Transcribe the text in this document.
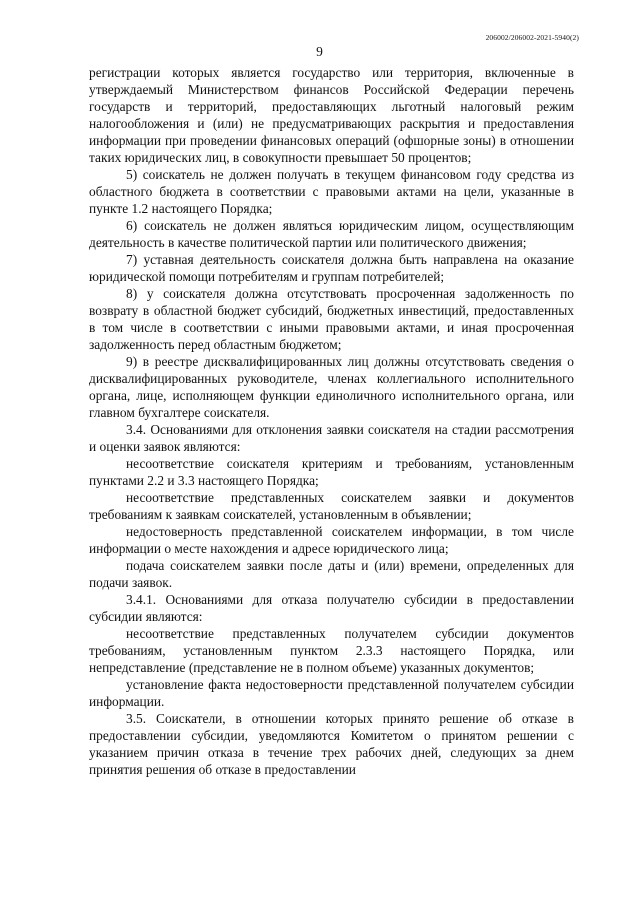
206002/206002-2021-5940(2)
9

регистрации которых является государство или территория, включенные в утверждаемый Министерством финансов Российской Федерации перечень государств и территорий, предоставляющих льготный налоговый режим налогообложения и (или) не предусматривающих раскрытия и предоставления информации при проведении финансовых операций (офшорные зоны) в отношении таких юридических лиц, в совокупности превышает 50 процентов;

5) соискатель не должен получать в текущем финансовом году средства из областного бюджета в соответствии с правовыми актами на цели, указанные в пункте 1.2 настоящего Порядка;

6) соискатель не должен являться юридическим лицом, осуществляющим деятельность в качестве политической партии или политического движения;

7) уставная деятельность соискателя должна быть направлена на оказание юридической помощи потребителям и группам потребителей;

8) у соискателя должна отсутствовать просроченная задолженность по возврату в областной бюджет субсидий, бюджетных инвестиций, предоставленных в том числе в соответствии с иными правовыми актами, и иная просроченная задолженность перед областным бюджетом;

9) в реестре дисквалифицированных лиц должны отсутствовать сведения о дисквалифицированных руководителе, членах коллегиального исполнительного органа, лице, исполняющем функции единоличного исполнительного органа, или главном бухгалтере соискателя.

3.4. Основаниями для отклонения заявки соискателя на стадии рассмотрения и оценки заявок являются:

несоответствие соискателя критериям и требованиям, установленным пунктами 2.2 и 3.3 настоящего Порядка;

несоответствие представленных соискателем заявки и документов требованиям к заявкам соискателей, установленным в объявлении;

недостоверность представленной соискателем информации, в том числе информации о месте нахождения и адресе юридического лица;

подача соискателем заявки после даты и (или) времени, определенных для подачи заявок.

3.4.1. Основаниями для отказа получателю субсидии в предоставлении субсидии являются:

несоответствие представленных получателем субсидии документов требованиям, установленным пунктом 2.3.3 настоящего Порядка, или непредставление (представление не в полном объеме) указанных документов;

установление факта недостоверности представленной получателем субсидии информации.

3.5. Соискатели, в отношении которых принято решение об отказе в предоставлении субсидии, уведомляются Комитетом о принятом решении с указанием причин отказа в течение трех рабочих дней, следующих за днем принятия решения об отказе в предоставлении
